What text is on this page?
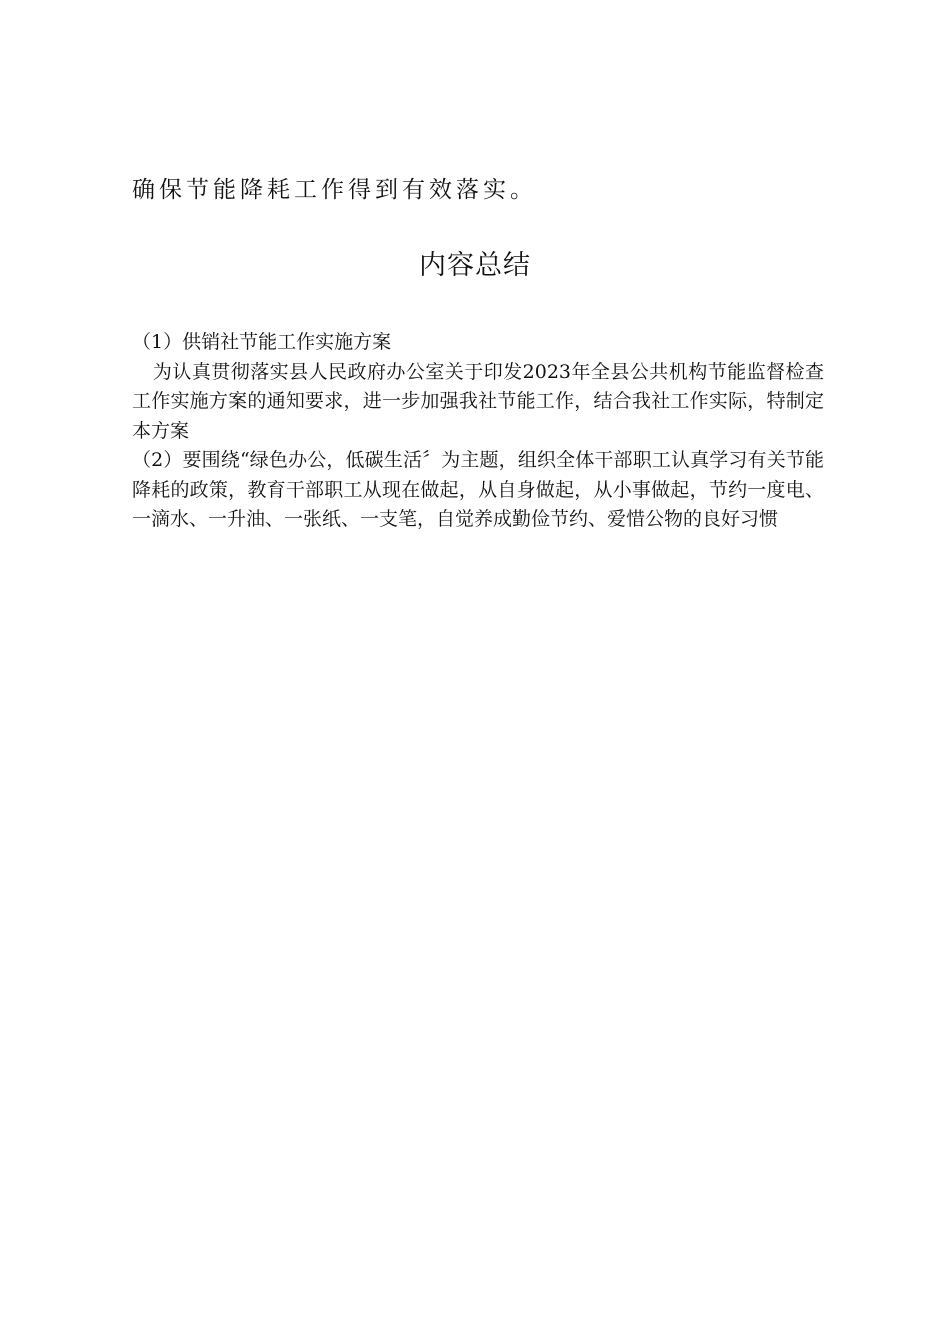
确保节能降耗工作得到有效落实。
内容总结

（1）供销社节能工作实施方案

为认真贯彻落实县人民政府办公室关于印发2023年全县公共机构节能监督检查工作实施方案的通知要求，进一步加强我社节能工作，结合我社工作实际，特制定本方案

（2）要围绕“绿色办公，低碳生活〞为主题，组织全体干部职工认真学习有关节能降耗的政策，教育干部职工从现在做起，从自身做起，从小事做起，节约一度电、一滴水、一升油、一张纸、一支笔，自觉养成勤俭节约、爱惜公物的良好习惯
